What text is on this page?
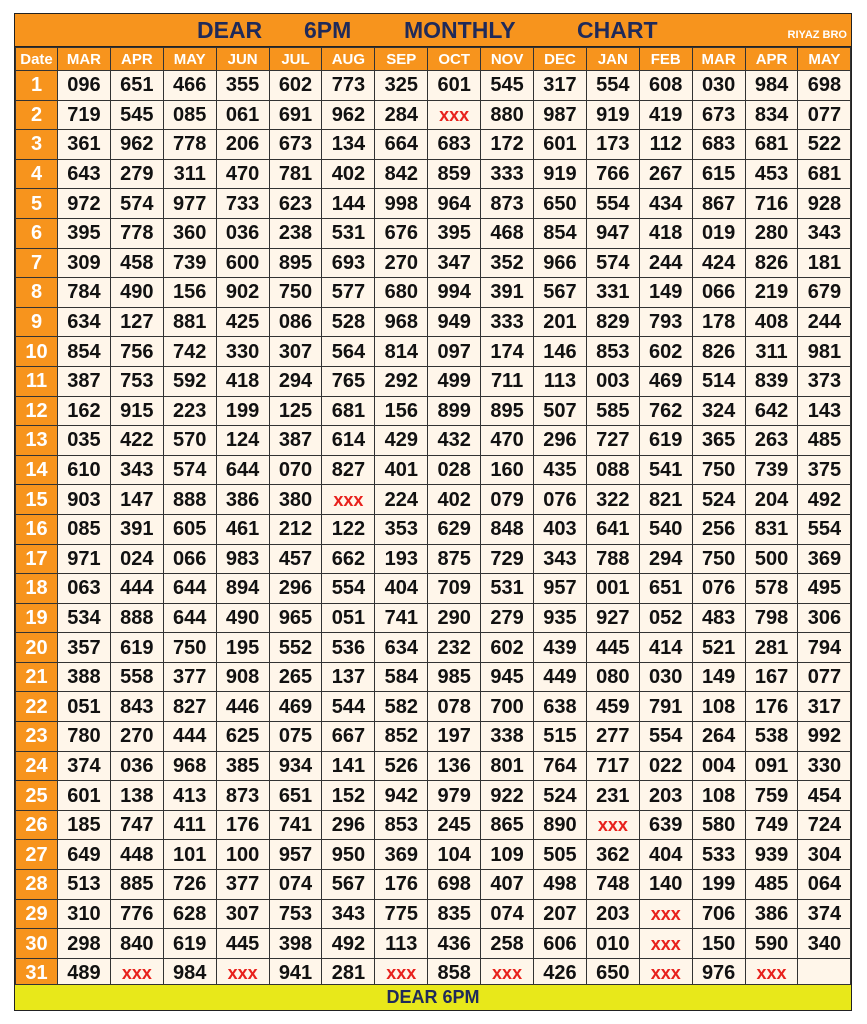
DEAR 6PM MONTHLY	CHART	RIYAZ BRO
Date	MAR	APR	MAY	JUN	JUL	AUG	SEP	OCT	NOV	DEC	JAN	FEB	MAR	APR	MAY
1	096	651	466	355	602	773	325	601	545	317	554	608	030	984	698
2	719	545	085	061	691	962	284	xxx	880	987	919	419	673	834	077
3	361	962	778	206	673	134	664	683	172	601	173	112	683	681	522
4	643	279	311	470	781	402	842	859	333	919	766	267	615	453	681
5	972	574	977	733	623	144	998	964	873	650	554	434	867	716	928
6	395	778	360	036	238	531	676	395	468	854	947	418	019	280	343
7	309	458	739	600	895	693	270	347	352	966	574	244	424	826	181
8	784	490	156	902	750	577	680	994	391	567	331	149	066	219	679
9	634	127	881	425	086	528	968	949	333	201	829	793	178	408	244
10	854	756	742	330	307	564	814	097	174	146	853	602	826	311	981
11	387	753	592	418	294	765	292	499	711	113	003	469	514	839	373
12	162	915	223	199	125	681	156	899	895	507	585	762	324	642	143
13	035	422	570	124	387	614	429	432	470	296	727	619	365	263	485
14	610	343	574	644	070	827	401	028	160	435	088	541	750	739	375
15	903	147	888	386	380	xxx	224	402	079	076	322	821	524	204	492
16	085	391	605	461	212	122	353	629	848	403	641	540	256	831	554
17	971	024	066	983	457	662	193	875	729	343	788	294	750	500	369
18	063	444	644	894	296	554	404	709	531	957	001	651	076	578	495
19	534	888	644	490	965	051	741	290	279	935	927	052	483	798	306
20	357	619	750	195	552	536	634	232	602	439	445	414	521	281	794
21	388	558	377	908	265	137	584	985	945	449	080	030	149	167	077
22	051	843	827	446	469	544	582	078	700	638	459	791	108	176	317
23	780	270	444	625	075	667	852	197	338	515	277	554	264	538	992
24	374	036	968	385	934	141	526	136	801	764	717	022	004	091	330
25	601	138	413	873	651	152	942	979	922	524	231	203	108	759	454
26	185	747	411	176	741	296	853	245	865	890	xxx	639	580	749	724
27	649	448	101	100	957	950	369	104	109	505	362	404	533	939	304
28	513	885	726	377	074	567	176	698	407	498	748	140	199	485	064
29	310	776	628	307	753	343	775	835	074	207	203	xxx	706	386	374
30	298	840	619	445	398	492	113	436	258	606	010	xxx	150	590	340
31	489	xxx	984	xxx	941	281	xxx	858	xxx	426	650	xxx	976	xxx	
DEAR 6PM
